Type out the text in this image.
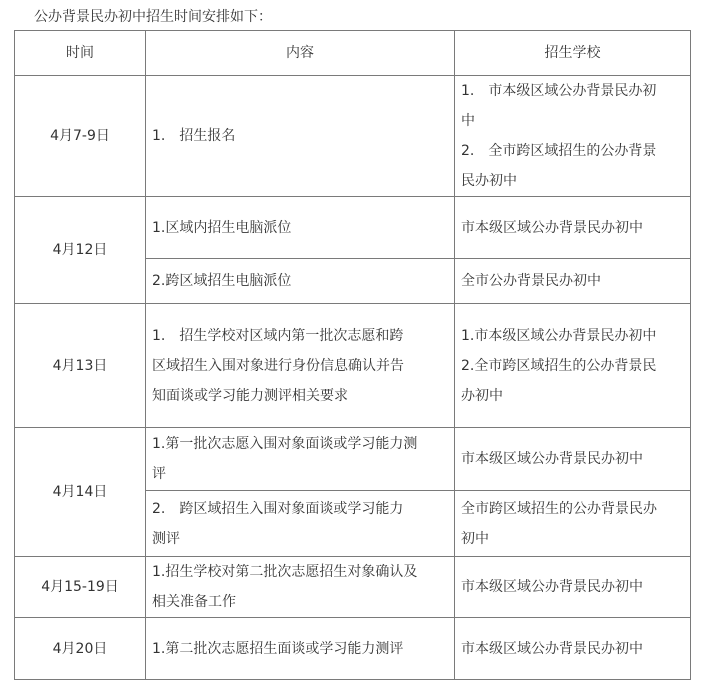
公办背景民办初中招生时间安排如下：
时间	内容	招生学校
4月7-9日	1.　招生报名	1.　市本级区域公办背景民办初
中
2.　全市跨区域招生的公办背景
民办初中

4月12日	1.区域内招生电脑派位	市本级区域公办背景民办初中

	2.跨区域招生电脑派位	全市公办背景民办初中

4月13日	1.　招生学校对区域内第一批次志愿和跨
区域招生入围对象进行身份信息确认并告
知面谈或学习能力测评相关要求	1.市本级区域公办背景民办初中
2.全市跨区域招生的公办背景民
办初中

4月14日	1.第一批次志愿入围对象面谈或学习能力测
评	市本级区域公办背景民办初中

	2.　跨区域招生入围对象面谈或学习能力
测评	全市跨区域招生的公办背景民办
初中

4月15-19日	1.招生学校对第二批次志愿招生对象确认及
相关准备工作	市本级区域公办背景民办初中

4月20日	1.第二批次志愿招生面谈或学习能力测评	市本级区域公办背景民办初中
